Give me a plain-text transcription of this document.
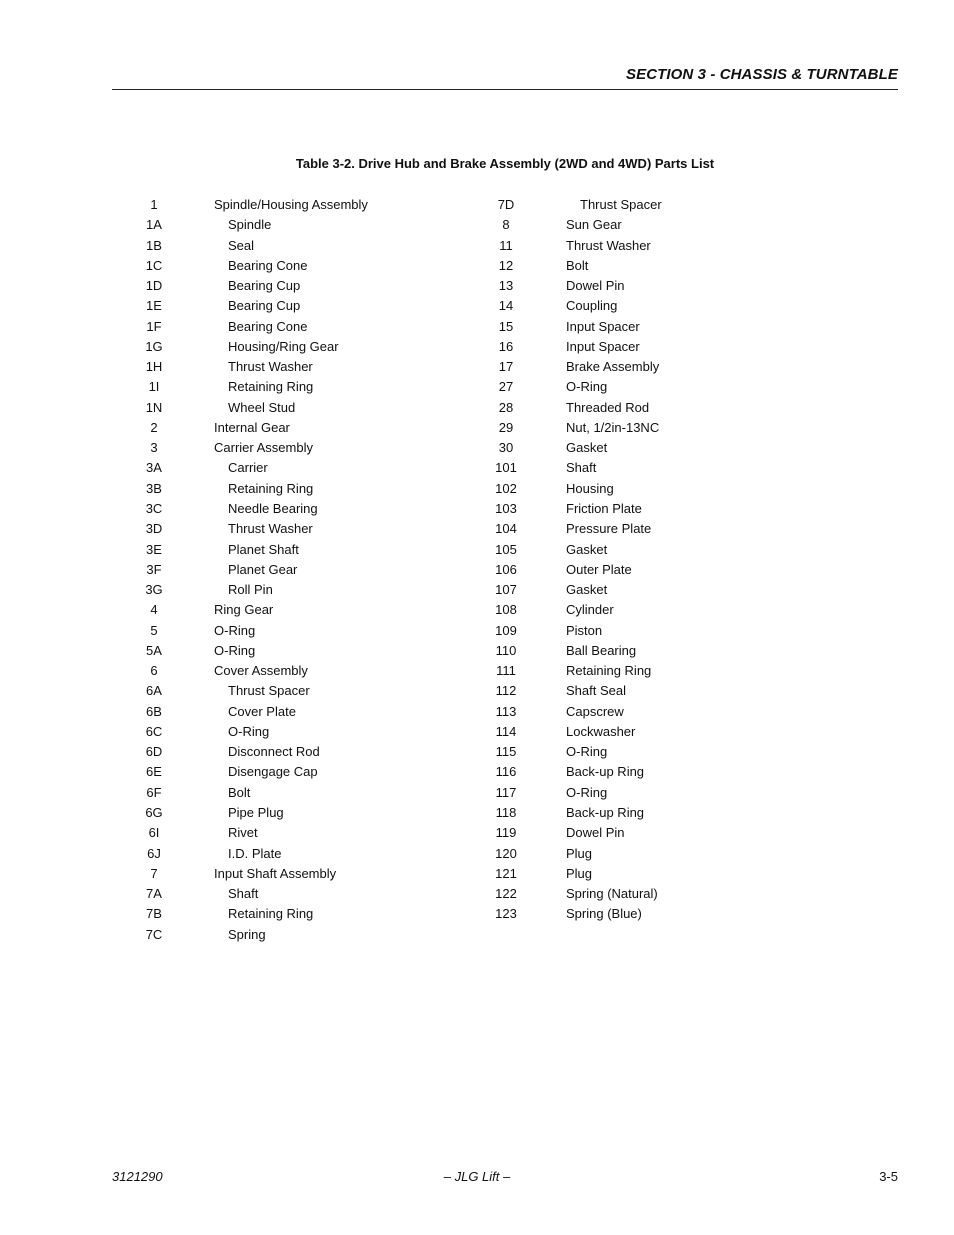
SECTION 3 - CHASSIS & TURNTABLE
Table 3-2. Drive Hub and Brake Assembly (2WD and 4WD) Parts List
1	Spindle/Housing Assembly
1A	Spindle
1B	Seal
1C	Bearing Cone
1D	Bearing Cup
1E	Bearing Cup
1F	Bearing Cone
1G	Housing/Ring Gear
1H	Thrust Washer
1I	Retaining Ring
1N	Wheel Stud
2	Internal Gear
3	Carrier Assembly
3A	Carrier
3B	Retaining Ring
3C	Needle Bearing
3D	Thrust Washer
3E	Planet Shaft
3F	Planet Gear
3G	Roll Pin
4	Ring Gear
5	O-Ring
5A	O-Ring
6	Cover Assembly
6A	Thrust Spacer
6B	Cover Plate
6C	O-Ring
6D	Disconnect Rod
6E	Disengage Cap
6F	Bolt
6G	Pipe Plug
6I	Rivet
6J	I.D. Plate
7	Input Shaft Assembly
7A	Shaft
7B	Retaining Ring
7C	Spring
7D	Thrust Spacer
8	Sun Gear
11	Thrust Washer
12	Bolt
13	Dowel Pin
14	Coupling
15	Input Spacer
16	Input Spacer
17	Brake Assembly
27	O-Ring
28	Threaded Rod
29	Nut, 1/2in-13NC
30	Gasket
101	Shaft
102	Housing
103	Friction Plate
104	Pressure Plate
105	Gasket
106	Outer Plate
107	Gasket
108	Cylinder
109	Piston
110	Ball Bearing
111	Retaining Ring
112	Shaft Seal
113	Capscrew
114	Lockwasher
115	O-Ring
116	Back-up Ring
117	O-Ring
118	Back-up Ring
119	Dowel Pin
120	Plug
121	Plug
122	Spring (Natural)
123	Spring (Blue)
3121290	– JLG Lift –	3-5
